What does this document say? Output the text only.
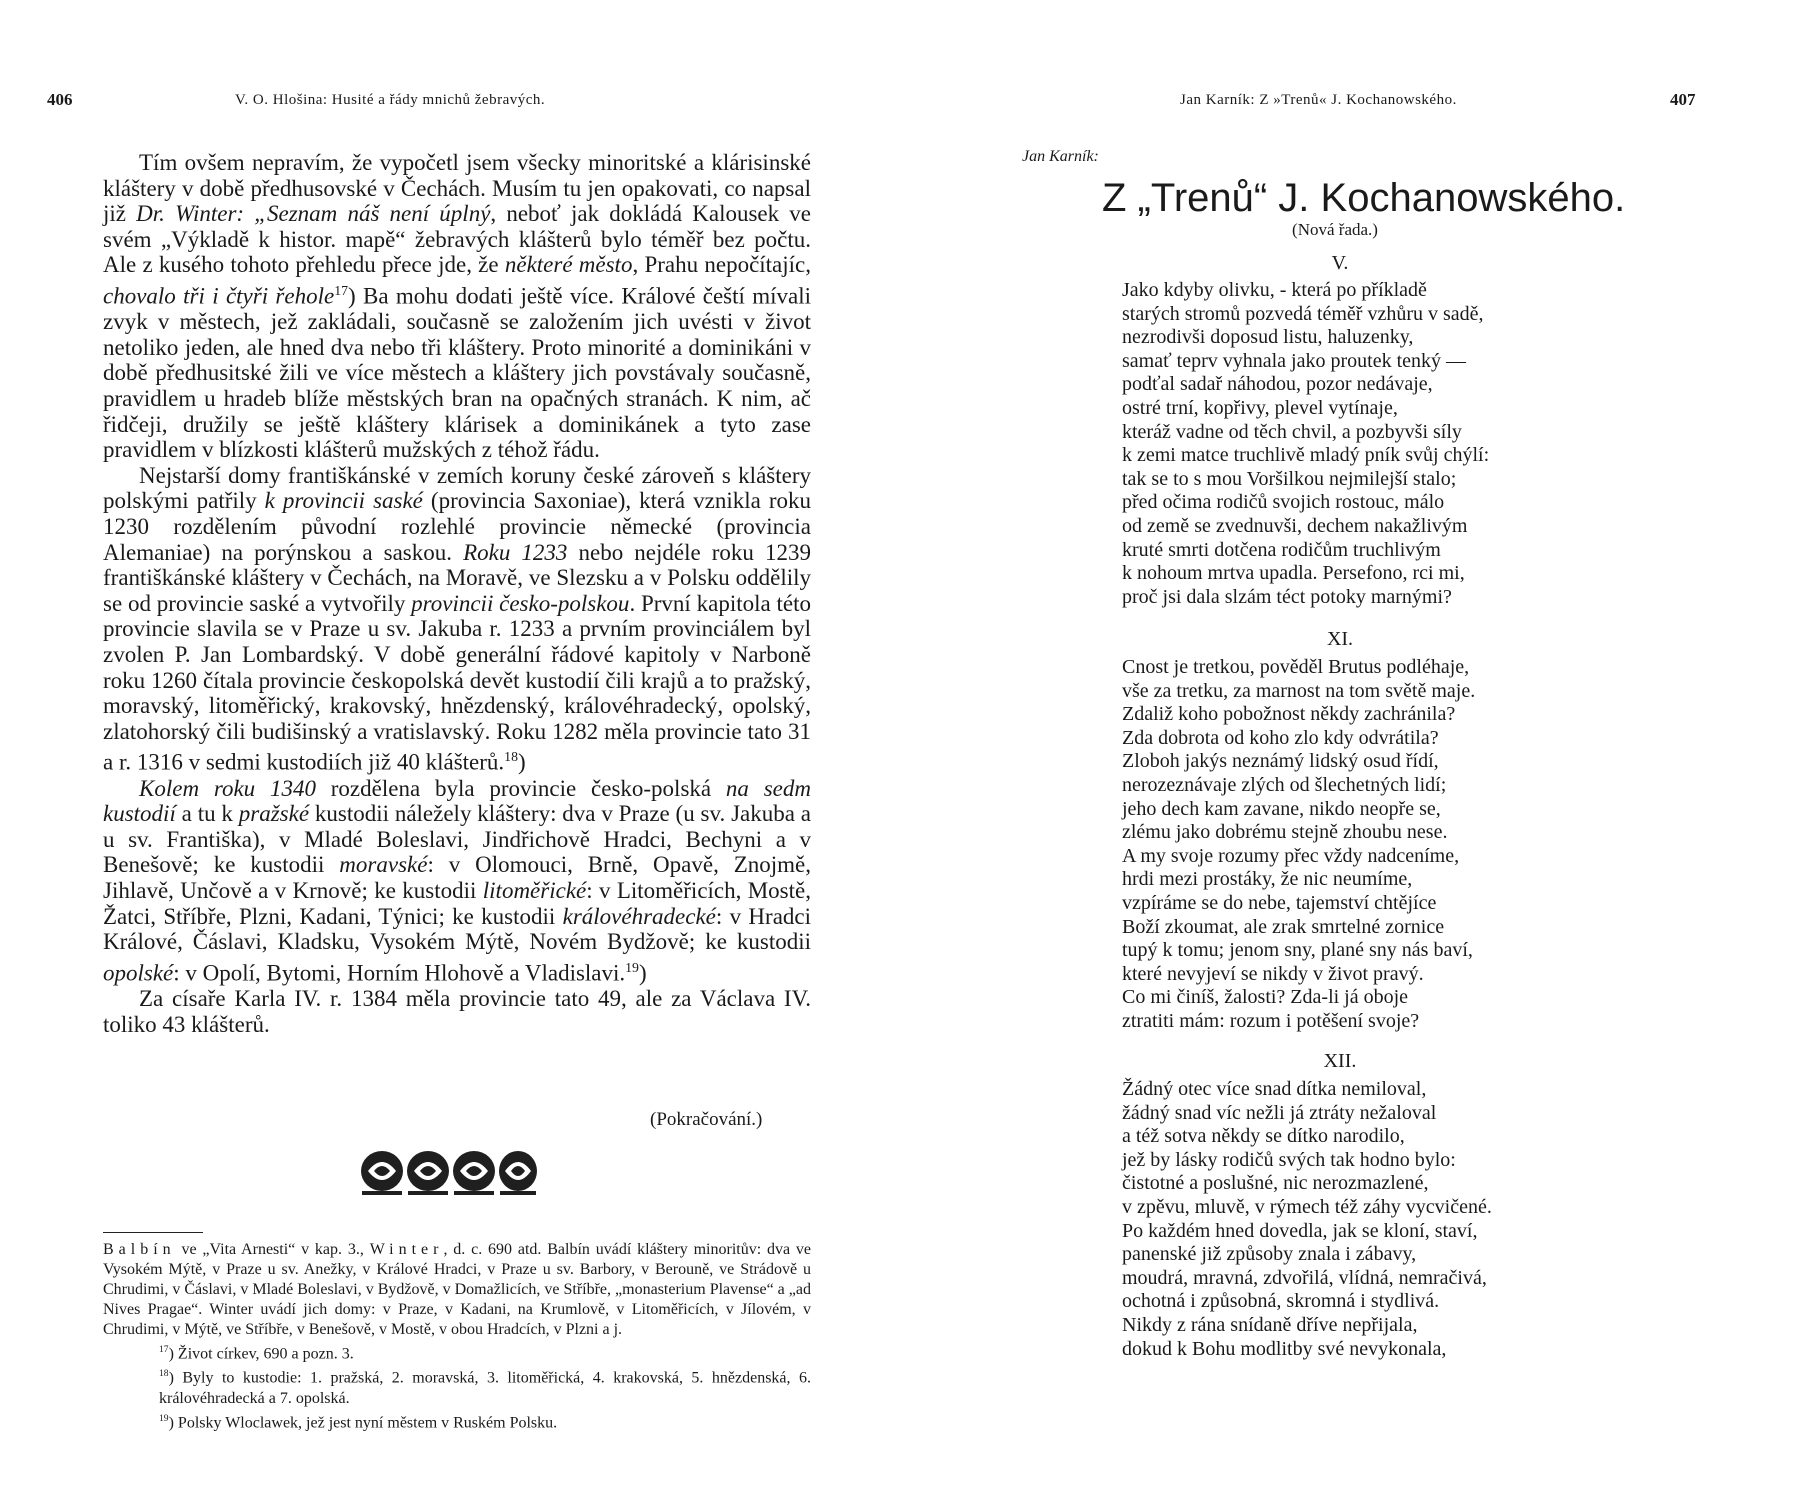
406	V. O. Hlošina: Husité a řády mnichů žebravých.

Tím ovšem nepravím, že vypočetl jsem všecky minoritské a klárisinské kláštery v době předhusovské v Čechách. Musím tu jen opakovati, co napsal již Dr. Winter: „Seznam náš není úplný, neboť jak dokládá Kalousek ve svém „Výkladě k histor. mapě“ žebravých klášterů bylo téměř bez počtu. Ale z kusého tohoto přehledu přece jde, že některé město, Prahu nepočítajíc, chovalo tři i čtyři řehole$^{17}$) Ba mohu dodati ještě více. Králové čeští mívali zvyk v městech, jež zakládali, současně se založením jich uvésti v život netoliko jeden, ale hned dva nebo tři kláštery. Proto minorité a dominikáni v době předhusitské žili ve více městech a kláštery jich povstávaly současně, pravidlem u hradeb blíže městských bran na opačných stranách. K nim, ač řidčeji, družily se ještě kláštery klárisek a dominikánek a tyto zase pravidlem v blízkosti klášterů mužských z téhož řádu.

Nejstarší domy františkánské v zemích koruny české zároveň s kláštery polskými patřily k provincii saské (provincia Saxoniae), která vznikla roku 1230 rozdělením původní rozlehlé provincie německé (provincia Alemaniae) na porýnskou a saskou. Roku 1233 nebo nejdéle roku 1239 františkánské kláštery v Čechách, na Moravě, ve Slezsku a v Polsku oddělily se od provincie saské a vytvořily provincii česko-polskou. První kapitola této provincie slavila se v Praze u sv. Jakuba r. 1233 a prvním provinciálem byl zvolen P. Jan Lombardský. V době generální řádové kapitoly v Narboně roku 1260 čítala provincie českopolská devět kustodií čili krajů a to pražský, moravský, litoměřický, krakovský, hnězdenský, královéhradecký, opolský, zlatohorský čili budišinský a vratislavský. Roku 1282 měla provincie tato 31 a r. 1316 v sedmi kustodiích již 40 klášterů.$^{18}$)

Kolem roku 1340 rozdělena byla provincie česko-polská na sedm kustodií a tu k pražské kustodii náležely kláštery: dva v Praze (u sv. Jakuba a u sv. Františka), v Mladé Boleslavi, Jindřichově Hradci, Bechyni a v Benešově; ke kustodii moravské: v Olomouci, Brně, Opavě, Znojmě, Jihlavě, Unčově a v Krnově; ke kustodii litoměřické: v Litoměřicích, Mostě, Žatci, Stříbře, Plzni, Kadani, Týnici; ke kustodii královéhradecké: v Hradci Králové, Čáslavi, Kladsku, Vysokém Mýtě, Novém Bydžově; ke kustodii opolské: v Opolí, Bytomi, Horním Hlohově a Vladislavi.$^{19}$)

Za císaře Karla IV. r. 1384 měla provincie tato 49, ale za Václava IV. toliko 43 klášterů.

(Pokračování.)

Balbín ve „Vita Arnesti“ v kap. 3., Winter, d. c. 690 atd. Balbín uvádí kláštery minoritův: dva ve Vysokém Mýtě, v Praze u sv. Anežky, v Králové Hradci, v Praze u sv. Barbory, v Berouně, ve Strádově u Chrudimi, v Čáslavi, v Mladé Boleslavi, v Bydžově, v Domažlicích, ve Stříbře, „monasterium Plavense“ a „ad Nives Pragae“. Winter uvádí jich domy: v Praze, v Kadani, na Krumlově, v Litoměřicích, v Jílovém, v Chrudimi, v Mýtě, ve Stříbře, v Benešově, v Mostě, v obou Hradcích, v Plzni a j.

$^{17}$) Život církev, 690 a pozn. 3.

$^{18}$) Byly to kustodie: 1. pražská, 2. moravská, 3. litoměřická, 4. krakovská, 5. hnězdenská, 6. královéhradecká a 7. opolská.

$^{19}$) Polsky Wloclawek, jež jest nyní městem v Ruském Polsku.

Jan Karník: Z »Trenů« J. Kochanowského.	407
Jan Karník:
Z „Trenů“ J. Kochanowského.
(Nová řada.)
V.
Jako kdyby olivku, - která po příkladě
starých stromů pozvedá téměř vzhůru v sadě,
nezrodivši doposud listu, haluzenky,
samať teprv vyhnala jako proutek tenký —
podťal sadař náhodou, pozor nedávaje,
ostré trní, kopřivy, plevel vytínaje,
kteráž vadne od těch chvil, a pozbyvši síly
k zemi matce truchlivě mladý pník svůj chýlí:
tak se to s mou Voršilkou nejmilejší stalo;
před očima rodičů svojich rostouc, málo
od země se zvednuvši, dechem nakažlivým
kruté smrti dotčena rodičům truchlivým
k nohoum mrtva upadla. Persefono, rci mi,
proč jsi dala slzám téct potoky marnými?
XI.
Cnost je tretkou, pověděl Brutus podléhaje,
vše za tretku, za marnost na tom světě maje.
Zdaliž koho pobožnost někdy zachránila?
Zda dobrota od koho zlo kdy odvrátila?
Zloboh jakýs neznámý lidský osud řídí,
nerozeznávaje zlých od šlechetných lidí;
jeho dech kam zavane, nikdo neopře se,
zlému jako dobrému stejně zhoubu nese.
A my svoje rozumy přec vždy nadceníme,
hrdi mezi prostáky, že nic neumíme,
vzpíráme se do nebe, tajemství chtějíce
Boží zkoumat, ale zrak smrtelné zornice
tupý k tomu; jenom sny, plané sny nás baví,
které nevyjeví se nikdy v život pravý.
Co mi činíš, žalosti? Zda-li já oboje
ztratiti mám: rozum i potěšení svoje?
XII.
Žádný otec více snad dítka nemiloval,
žádný snad víc nežli já ztráty nežaloval
a též sotva někdy se dítko narodilo,
jež by lásky rodičů svých tak hodno bylo:
čistotné a poslušné, nic nerozmazlené,
v zpěvu, mluvě, v rýmech též záhy vycvičené.
Po každém hned dovedla, jak se kloní, staví,
panenské již způsoby znala i zábavy,
moudrá, mravná, zdvořilá, vlídná, nemračivá,
ochotná i způsobná, skromná i stydlivá.
Nikdy z rána snídaně dříve nepřijala,
dokud k Bohu modlitby své nevykonala,
